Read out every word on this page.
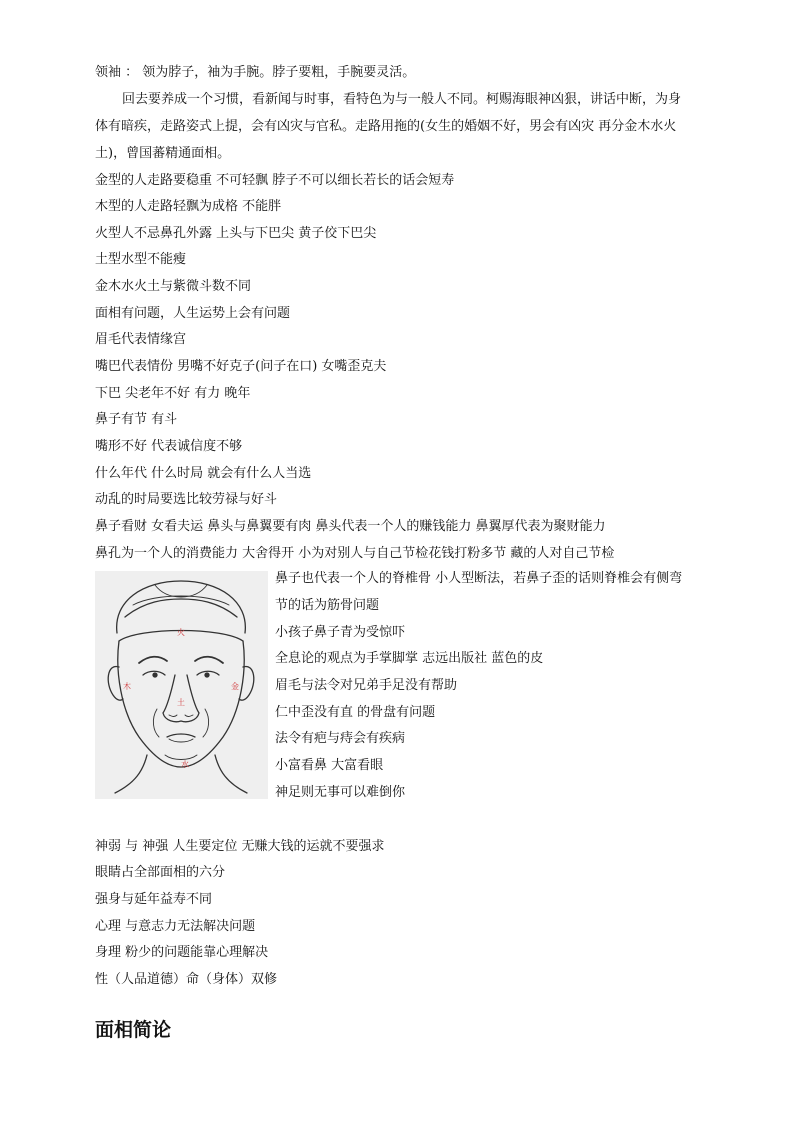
领袖 ： 领为脖子，袖为手腕。脖子要粗，手腕要灵活。
回去要养成一个习惯，看新闻与时事，看特色为与一般人不同。柯赐海眼神凶狠，讲话中断，为身
体有暗疾，走路姿式上提，会有凶灾与官私。走路用拖的(女生的婚姻不好，男会有凶灾 再分金木水火
土)，曾国蕃精通面相。
金型的人走路要稳重 不可轻飘 脖子不可以细长若长的话会短寿
木型的人走路轻飘为成格 不能胖
火型人不忌鼻孔外露 上头与下巴尖 黄子佼下巴尖
土型水型不能瘦
金木水火土与紫微斗数不同
面相有问题，人生运势上会有问题
眉毛代表情缘宫
嘴巴代表情份 男嘴不好克子(问子在口) 女嘴歪克夫
下巴 尖老年不好 有力 晚年
鼻子有节 有斗
嘴形不好 代表诚信度不够
什么年代 什么时局 就会有什么人当选
动乱的时局要选比较劳禄与好斗
鼻子看财 女看夫运 鼻头与鼻翼要有肉 鼻头代表一个人的赚钱能力 鼻翼厚代表为聚财能力
鼻孔为一个人的消费能力 大舍得开 小为对别人与自己节检花钱打粉多节 藏的人对自己节检
火
木
土
金
水
鼻子也代表一个人的脊椎骨 小人型断法，若鼻子歪的话则脊椎会有侧弯
节的话为筋骨问题
小孩子鼻子青为受惊吓
全息论的观点为手掌脚掌 志远出版社 蓝色的皮
眉毛与法令对兄弟手足没有帮助
仁中歪没有直 的骨盘有问题
法令有疤与痔会有疾病
小富看鼻 大富看眼
神足则无事可以难倒你
神弱 与 神强 人生要定位 无赚大钱的运就不要强求
眼睛占全部面相的六分
强身与延年益寿不同
心理 与意志力无法解决问题
身理 粉少的问题能靠心理解决
性（人品道德）命（身体）双修
面相简论
